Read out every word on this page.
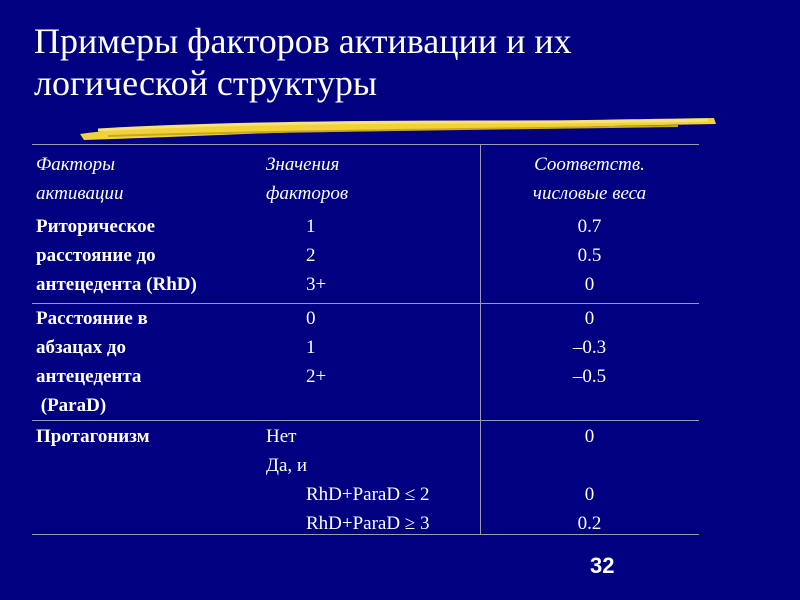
Примеры факторов активации и их
логической структуры
Факторы
активации
Значения
факторов
Соответств.
числовые веса
Риторическое
расстояние до
антецедента (RhD)
1
2
3+
0.7
0.5
0
Расстояние в
абзацах до
антецедента
(ParaD)
0
1
2+
0
–0.3
–0.5
Протагонизм	Нет
Да, и
RhD+ParaD ≤ 2
RhD+ParaD ≥ 3
0
0
0.2
32
